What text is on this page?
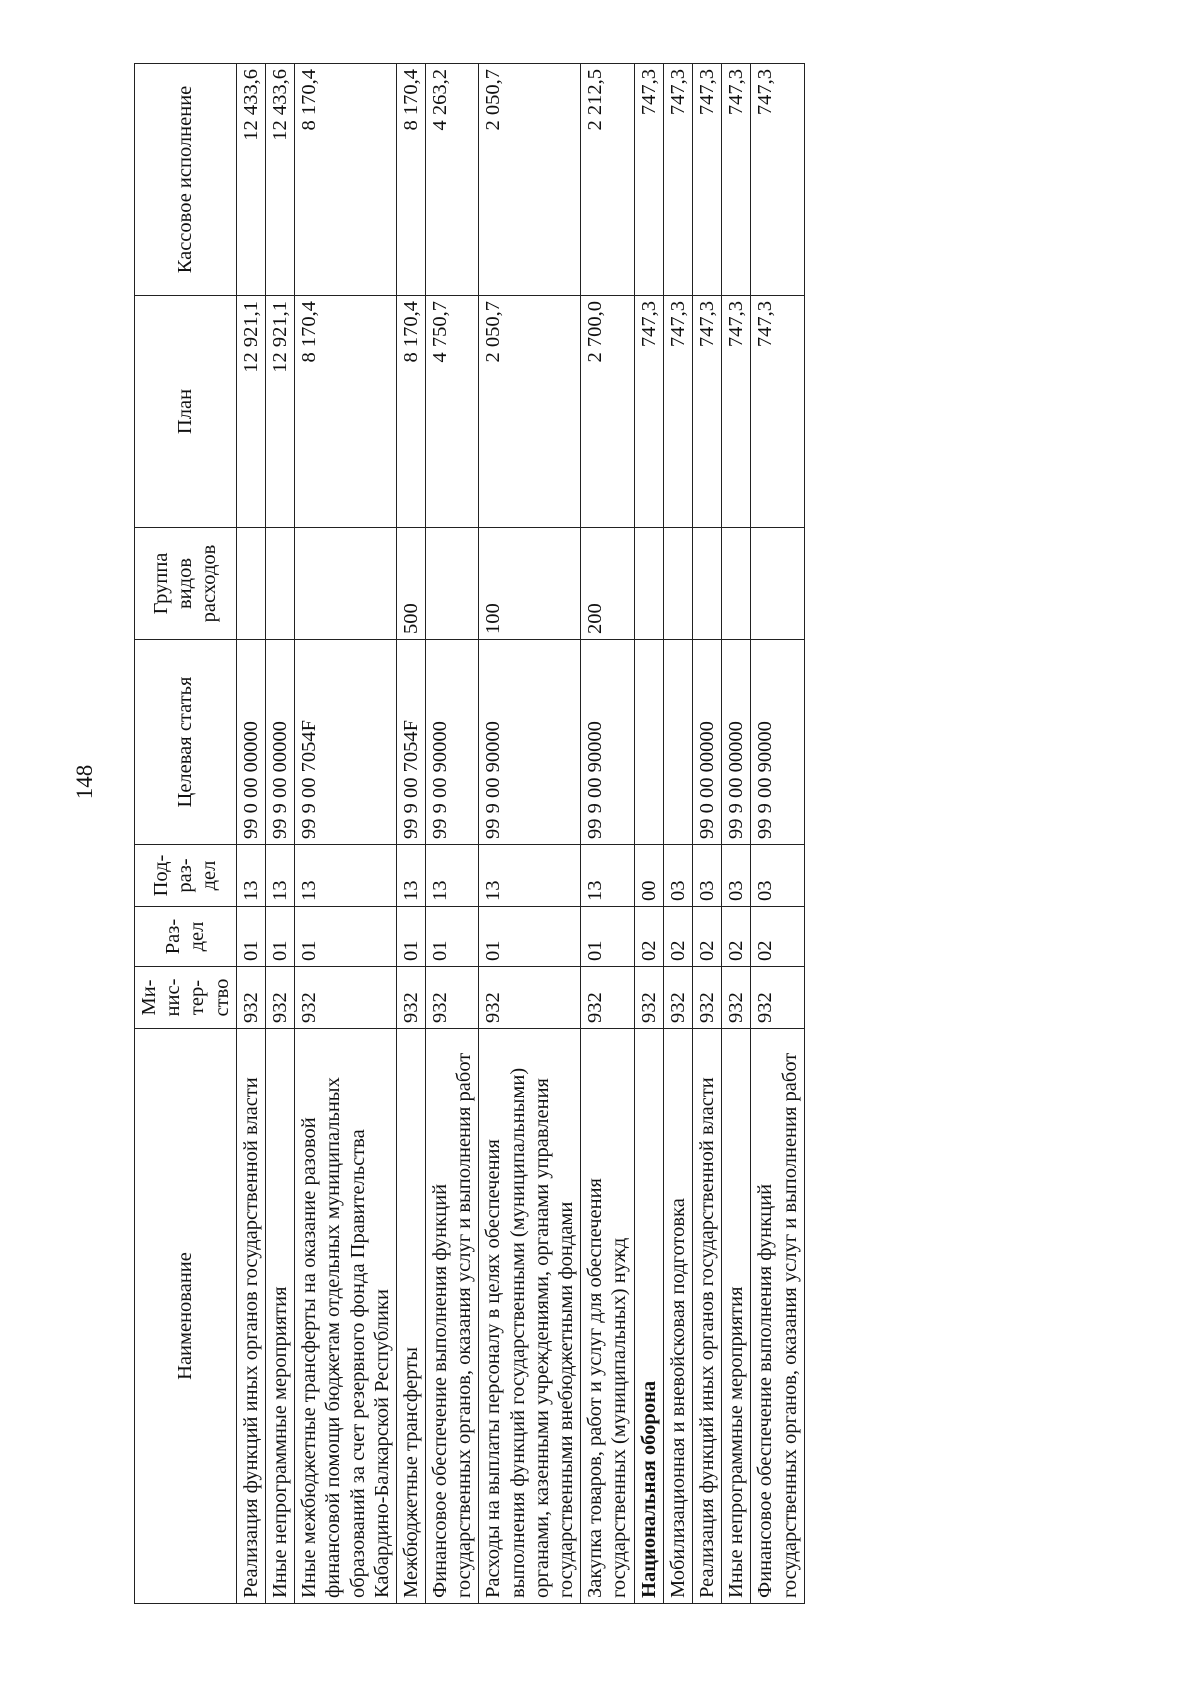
148
Наименование	Ми-нис-тер-ство	Раз-дел	Под-раз-дел	Целевая статья	Группа видов расходов	План	Кассовое исполнение
Реализация функций иных органов государственной власти	932	01	13	99 0 00 00000		12 921,1	12 433,6
Иные непрограммные мероприятия	932	01	13	99 9 00 00000		12 921,1	12 433,6
Иные межбюджетные трансферты на оказание разовой финансовой помощи бюджетам отдельных муниципальных образований за счет резервного фонда Правительства Кабардино-Балкарской Республики	932	01	13	99 9 00 7054F		8 170,4	8 170,4
Межбюджетные трансферты	932	01	13	99 9 00 7054F	500	8 170,4	8 170,4
Финансовое обеспечение выполнения функций государственных органов, оказания услуг и выполнения работ	932	01	13	99 9 00 90000		4 750,7	4 263,2
Расходы на выплаты персоналу в целях обеспечения выполнения функций государственными (муниципальными) органами, казенными учреждениями, органами управления государственными внебюджетными фондами	932	01	13	99 9 00 90000	100	2 050,7	2 050,7
Закупка товаров, работ и услуг для обеспечения государственных (муниципальных) нужд	932	01	13	99 9 00 90000	200	2 700,0	2 212,5
Национальная оборона	932	02	00			747,3	747,3
Мобилизационная и вневойсковая подготовка	932	02	03			747,3	747,3
Реализация функций иных органов государственной власти	932	02	03	99 0 00 00000		747,3	747,3
Иные непрограммные мероприятия	932	02	03	99 9 00 00000		747,3	747,3
Финансовое обеспечение выполнения функций государственных органов, оказания услуг и выполнения работ	932	02	03	99 9 00 90000		747,3	747,3
